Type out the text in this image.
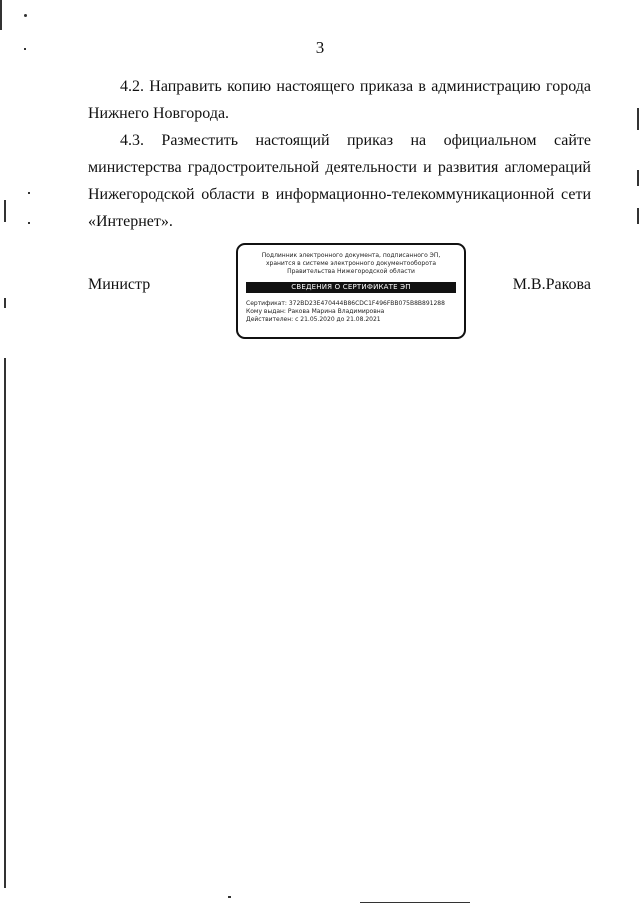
3

4.2. Направить копию настоящего приказа в администрацию города Нижнего Новгорода.

4.3. Разместить настоящий приказ на официальном сайте министерства градостроительной деятельности и развития агломераций Нижегородской области в информационно-телекоммуникационной сети «Интернет».

Министр	М.В.Ракова
Подлинник электронного документа, подписанного ЭП,
хранится в системе электронного документооборота
Правительства Нижегородской области
СВЕДЕНИЯ О СЕРТИФИКАТЕ ЭП
Сертификат: 372BD23E470444B86CDC1F496FBB075B8B891288
Кому выдан: Ракова Марина Владимировна
Действителен: с 21.05.2020 до 21.08.2021
